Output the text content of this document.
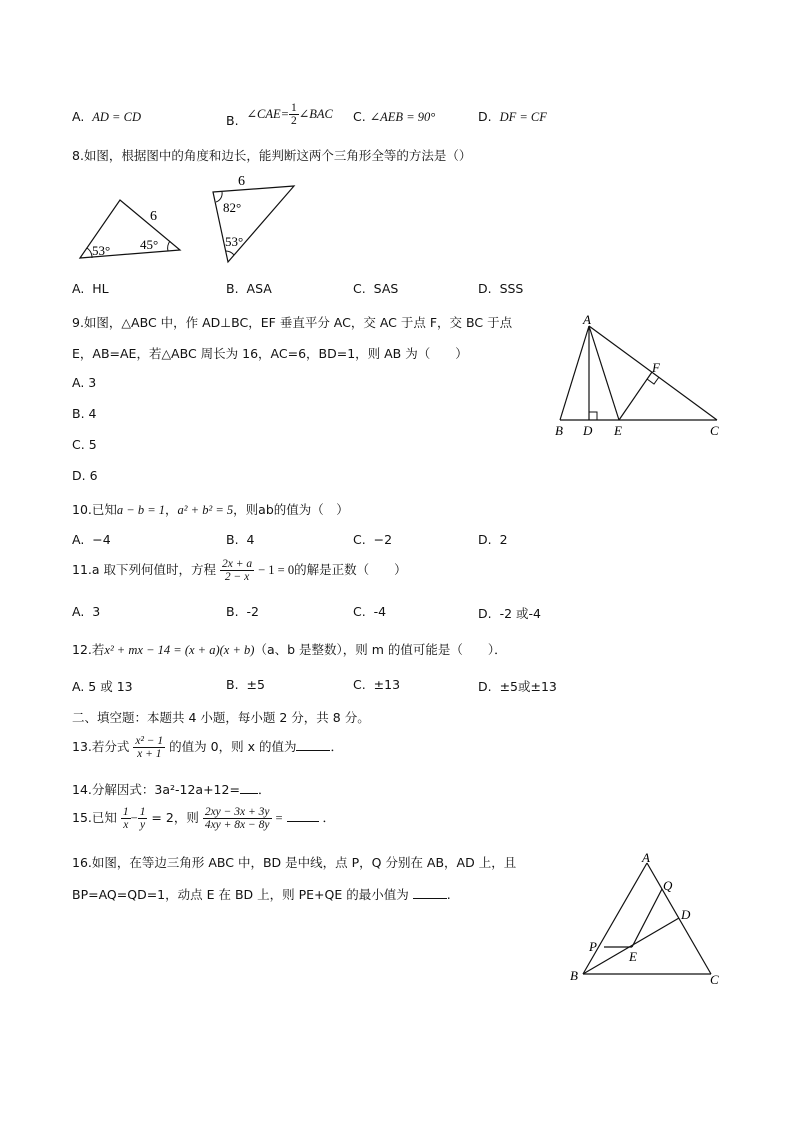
A. AD = CD	B. ∠CAE= $\frac{1}{2}$ ∠BAC C. ∠AEB = 90°	D. DF = CF
8.如图，根据图中的角度和边长，能判断这两个三角形全等的方法是（）
6
53° 45°
6
82°
53°
A. HL	B. ASA	C. SAS	D. SSS
9.如图，△ABC 中，作 AD⊥BC，EF 垂直平分 AC，交 AC 于点 F，交 BC 于点
E，AB=AE，若△ABC 周长为 16，AC=6，BD=1，则 AB 为（　　）
A. 3
B. 4
C. 5
D. 6
A
B D E	C
F
10.已知a − b = 1，a² + b² = 5，则ab的值为（　）
A. −4	B. 4	C. −2	D. 2
11.a 取下列何值时，方程 $\frac{2x + a}{2 - x} - 1 = 0$的解是正数（　　）
A. 3	B. -2	C. -4	D. -2 或-4
12.若x² + mx − 14 = (x + a)(x + b)（a、b 是整数），则 m 的值可能是（　　）．
A. 5 或 13	B. ±5	C. ±13	D. ±5或±13
二、填空题：本题共 4 小题，每小题 2 分，共 8 分。
13.若分式 $\frac{\text{x² − 1}}{x + 1}$ 的值为 0，则 x 的值为	．
14.分解因式：3a²-12a+12= ．
15.已知 $\frac{1}{x} - \frac{1}{y} = 2$，则 $\frac{2xy - 3x + 3y}{4xy + 8x - 8y}$ =	．
16.如图，在等边三角形 ABC 中，BD 是中线，点 P，Q 分别在 AB，AD 上，且
BP=AQ=QD=1，动点 E 在 BD 上，则 PE+QE 的最小值为	.
A
Q
D
P
E
B	C
